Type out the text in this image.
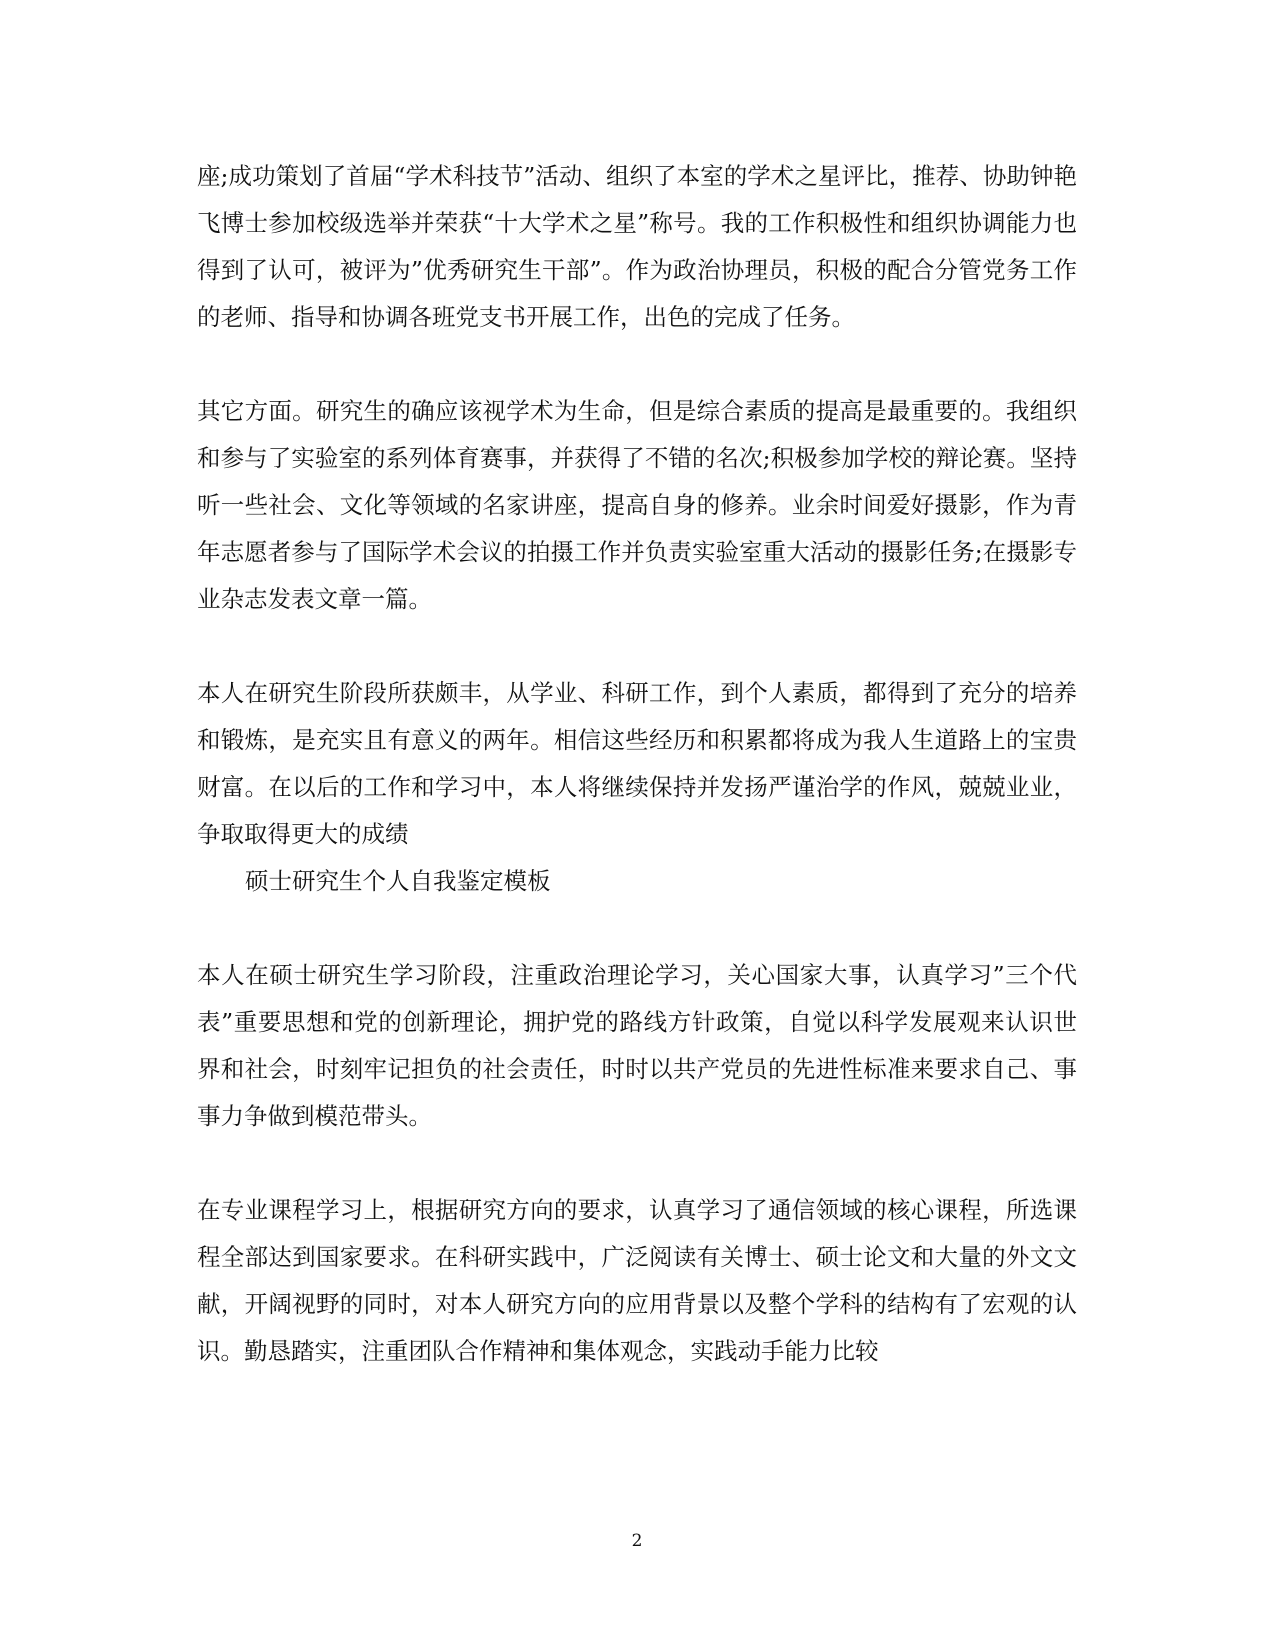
座;成功策划了首届“学术科技节”活动、组织了本室的学术之星评比，推荐、协助钟艳飞博士参加校级选举并荣获“十大学术之星”称号。我的工作积极性和组织协调能力也得到了认可，被评为”优秀研究生干部”。作为政治协理员，积极的配合分管党务工作的老师、指导和协调各班党支书开展工作，出色的完成了任务。

其它方面。研究生的确应该视学术为生命，但是综合素质的提高是最重要的。我组织和参与了实验室的系列体育赛事，并获得了不错的名次;积极参加学校的辩论赛。坚持听一些社会、文化等领域的名家讲座，提高自身的修养。业余时间爱好摄影，作为青年志愿者参与了国际学术会议的拍摄工作并负责实验室重大活动的摄影任务;在摄影专业杂志发表文章一篇。

本人在研究生阶段所获颇丰，从学业、科研工作，到个人素质，都得到了充分的培养和锻炼，是充实且有意义的两年。相信这些经历和积累都将成为我人生道路上的宝贵财富。在以后的工作和学习中，本人将继续保持并发扬严谨治学的作风，兢兢业业，争取取得更大的成绩

硕士研究生个人自我鉴定模板

本人在硕士研究生学习阶段，注重政治理论学习，关心国家大事，认真学习”三个代表”重要思想和党的创新理论，拥护党的路线方针政策，自觉以科学发展观来认识世界和社会，时刻牢记担负的社会责任，时时以共产党员的先进性标准来要求自己、事事力争做到模范带头。

在专业课程学习上，根据研究方向的要求，认真学习了通信领域的核心课程，所选课程全部达到国家要求。在科研实践中，广泛阅读有关博士、硕士论文和大量的外文文献，开阔视野的同时，对本人研究方向的应用背景以及整个学科的结构有了宏观的认识。勤恳踏实，注重团队合作精神和集体观念，实践动手能力比较

2
